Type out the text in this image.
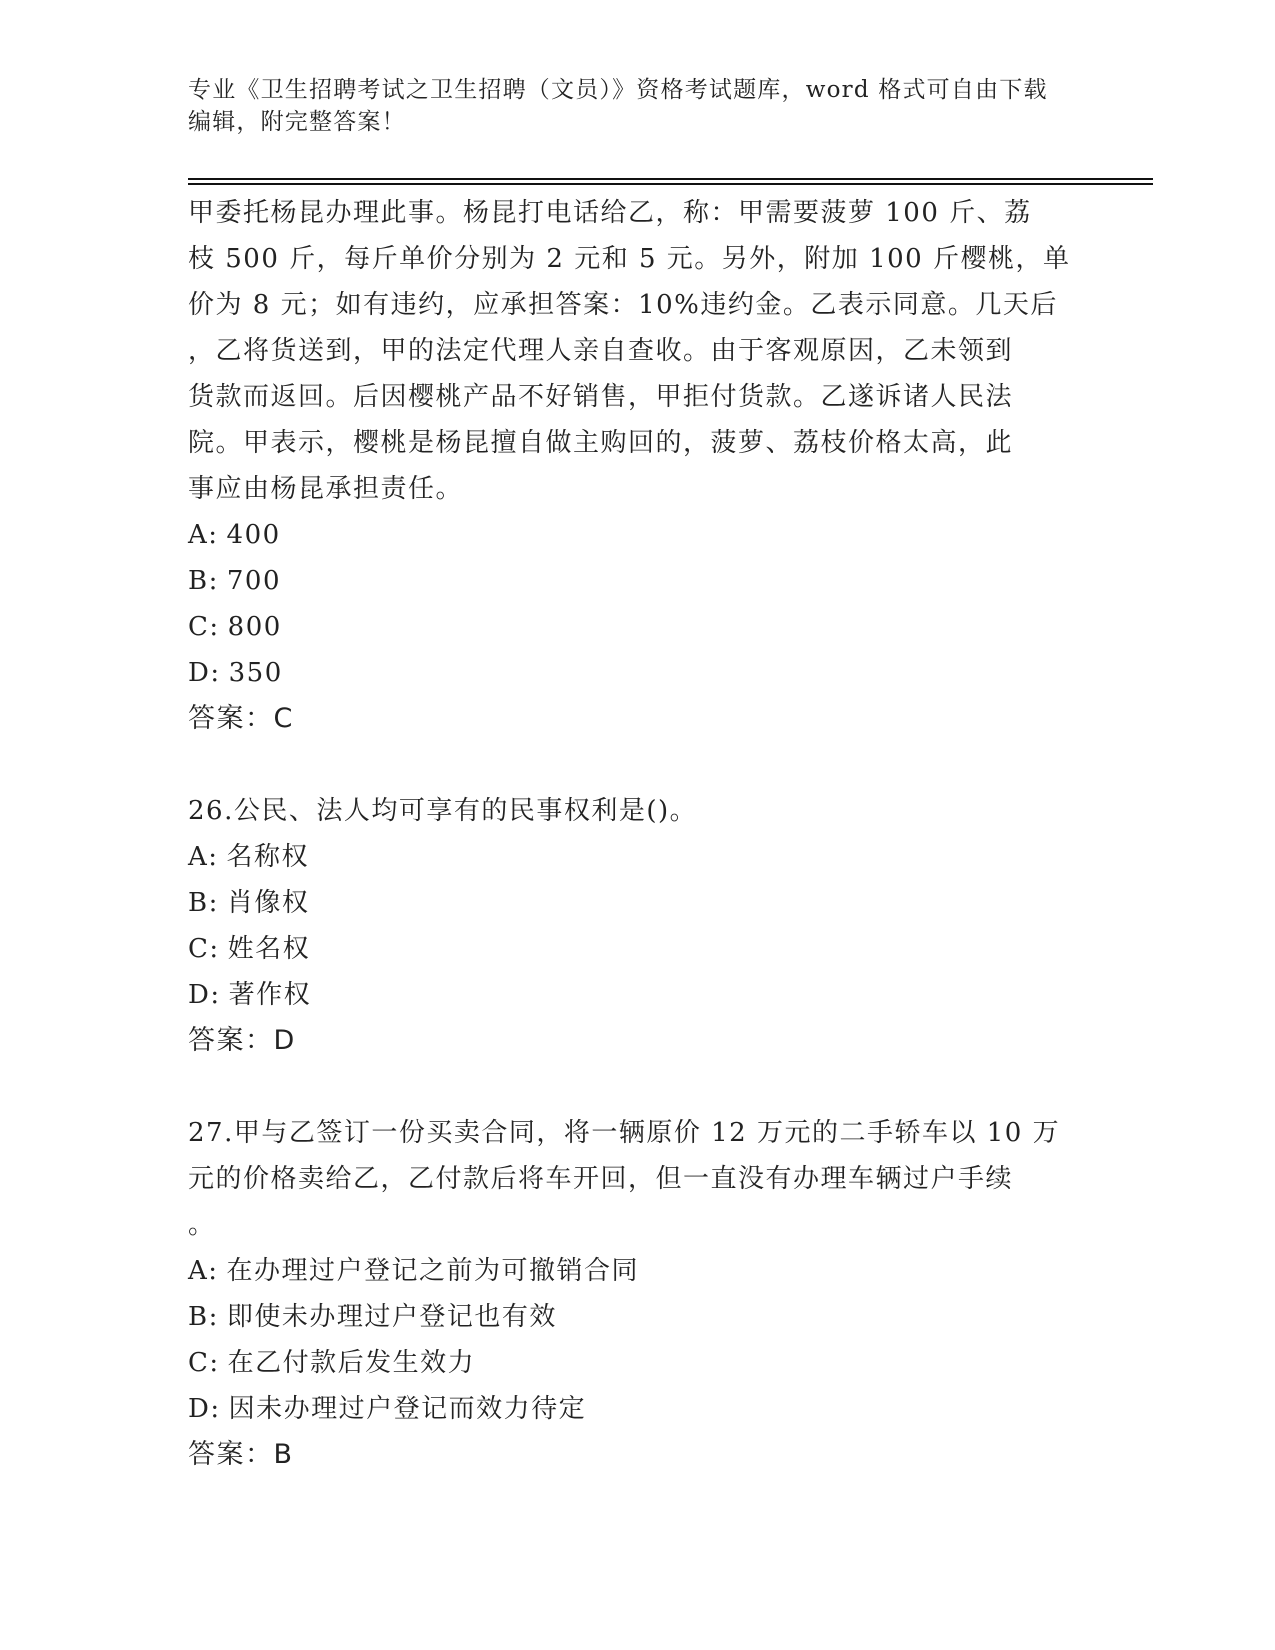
专业《卫生招聘考试之卫生招聘（文员）》资格考试题库，word 格式可自由下载
编辑，附完整答案！
甲委托杨昆办理此事。杨昆打电话给乙，称：甲需要菠萝 100 斤、荔
枝 500 斤，每斤单价分别为 2 元和 5 元。另外，附加 100 斤樱桃，单
价为 8 元；如有违约，应承担答案：10%违约金。乙表示同意。几天后
，乙将货送到，甲的法定代理人亲自查收。由于客观原因，乙未领到
货款而返回。后因樱桃产品不好销售，甲拒付货款。乙遂诉诸人民法
院。甲表示，樱桃是杨昆擅自做主购回的，菠萝、荔枝价格太高，此
事应由杨昆承担责任。
A: 400
B: 700
C: 800
D: 350
答案：C
26.公民、法人均可享有的民事权利是()。
A: 名称权
B: 肖像权
C: 姓名权
D: 著作权
答案：D
27.甲与乙签订一份买卖合同，将一辆原价 12 万元的二手轿车以 10 万
元的价格卖给乙，乙付款后将车开回，但一直没有办理车辆过户手续
。
A: 在办理过户登记之前为可撤销合同
B: 即使未办理过户登记也有效
C: 在乙付款后发生效力
D: 因未办理过户登记而效力待定
答案：B
